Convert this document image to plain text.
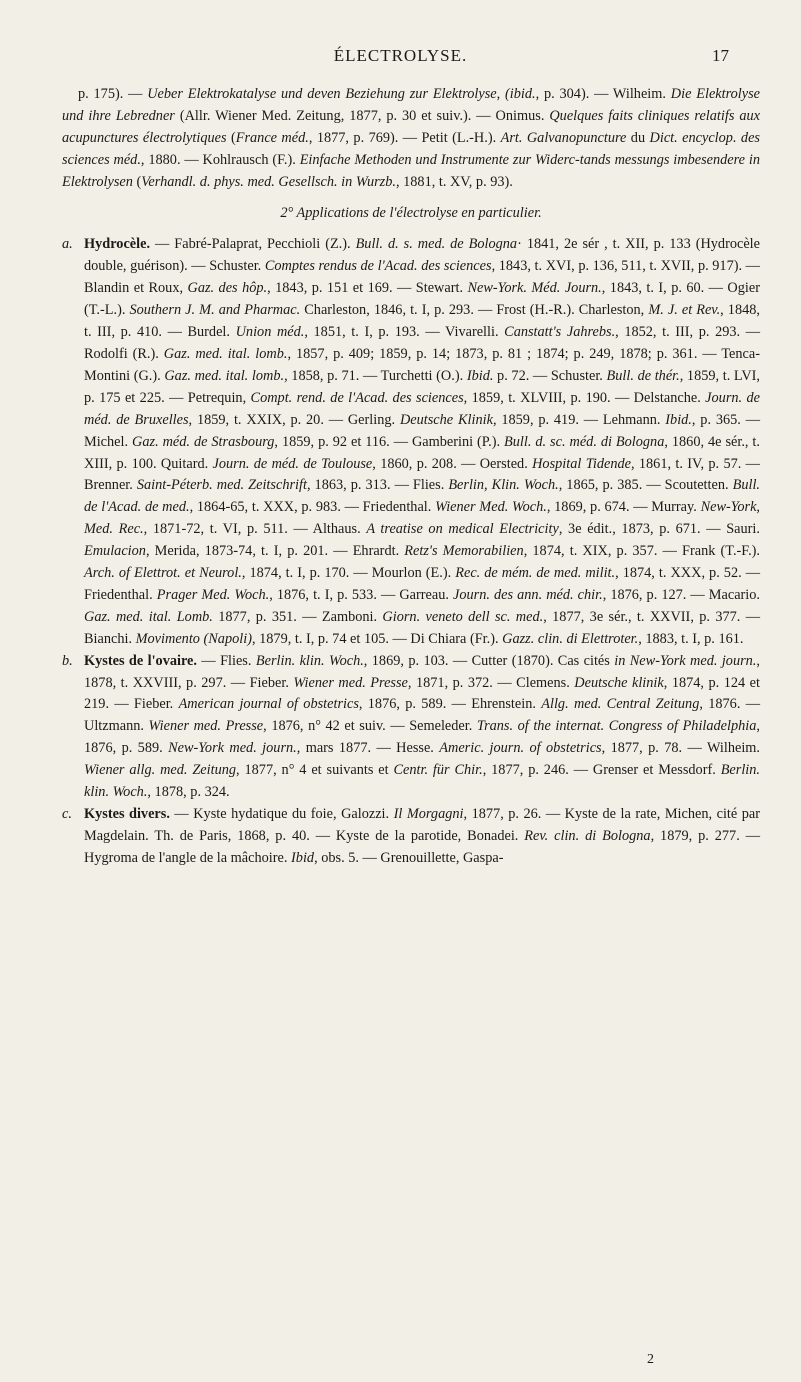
ÉLECTROLYSE.	17

p. 175). — Ueber Elektrokatalyse und deven Beziehung zur Elektrolyse, (ibid., p. 304). — Wilheim. Die Elektrolyse und ihre Lebredner (Allr. Wiener Med. Zeitung, 1877, p. 30 et suiv.). — Onimus. Quelques faits cliniques relatifs aux acupunctures électrolytiques (France méd., 1877, p. 769). — Petit (L.-H.). Art. Galvanopuncture du Dict. encyclop. des sciences méd., 1880. — Kohlrausch (F.). Einfache Methoden und Instrumente zur Widerc-tands messungs imbesendere in Elektrolysen (Verhandl. d. phys. med. Gesellsch. in Wurzb., 1881, t. XV, p. 93).

2° Applications de l'électrolyse en particulier.

a. Hydrocèle. — Fabré-Palaprat, Pecchioli (Z.). Bull. d. s. med. de Bologna· 1841, 2e sér , t. XII, p. 133 (Hydrocèle double, guérison). — Schuster. Comptes rendus de l'Acad. des sciences, 1843, t. XVI, p. 136, 511, t. XVII, p. 917). — Blandin et Roux, Gaz. des hôp., 1843, p. 151 et 169. — Stewart. New-York. Méd. Journ., 1843, t. I, p. 60. — Ogier (T.-L.). Southern J. M. and Pharmac. Charleston, 1846, t. I, p. 293. — Frost (H.-R.). Charleston, M. J. et Rev., 1848, t. III, p. 410. — Burdel. Union méd., 1851, t. I, p. 193. — Vivarelli. Canstatt's Jahrebs., 1852, t. III, p. 293. — Rodolfi (R.). Gaz. med. ital. lomb., 1857, p. 409; 1859, p. 14; 1873, p. 81 ; 1874; p. 249, 1878; p. 361. — Tenca-Montini (G.). Gaz. med. ital. lomb., 1858, p. 71. — Turchetti (O.). Ibid. p. 72. — Schuster. Bull. de thér., 1859, t. LVI, p. 175 et 225. — Petrequin, Compt. rend. de l'Acad. des sciences, 1859, t. XLVIII, p. 190. — Delstanche. Journ. de méd. de Bruxelles, 1859, t. XXIX, p. 20. — Gerling. Deutsche Klinik, 1859, p. 419. — Lehmann. Ibid., p. 365. — Michel. Gaz. méd. de Strasbourg, 1859, p. 92 et 116. — Gamberini (P.). Bull. d. sc. méd. di Bologna, 1860, 4e sér., t. XIII, p. 100. Quitard. Journ. de méd. de Toulouse, 1860, p. 208. — Oersted. Hospital Tidende, 1861, t. IV, p. 57. — Brenner. Saint-Péterb. med. Zeitschrift, 1863, p. 313. — Flies. Berlin, Klin. Woch., 1865, p. 385. — Scoutetten. Bull. de l'Acad. de med., 1864-65, t. XXX, p. 983. — Friedenthal. Wiener Med. Woch., 1869, p. 674. — Murray. New-York, Med. Rec., 1871-72, t. VI, p. 511. — Althaus. A treatise on medical Electricity, 3e édit., 1873, p. 671. — Sauri. Emulacion, Merida, 1873-74, t. I, p. 201. — Ehrardt. Retz's Memorabilien, 1874, t. XIX, p. 357. — Frank (T.-F.). Arch. of Elettrot. et Neurol., 1874, t. I, p. 170. — Mourlon (E.). Rec. de mém. de med. milit., 1874, t. XXX, p. 52. — Friedenthal. Prager Med. Woch., 1876, t. I, p. 533. — Garreau. Journ. des ann. méd. chir., 1876, p. 127. — Macario. Gaz. med. ital. Lomb. 1877, p. 351. — Zamboni. Giorn. veneto dell sc. med., 1877, 3e sér., t. XXVII, p. 377. — Bianchi. Movimento (Napoli), 1879, t. I, p. 74 et 105. — Di Chiara (Fr.). Gazz. clin. di Elettroter., 1883, t. I, p. 161.

b. Kystes de l'ovaire. — Flies. Berlin. klin. Woch., 1869, p. 103. — Cutter (1870). Cas cités in New-York med. journ., 1878, t. XXVIII, p. 297. — Fieber. Wiener med. Presse, 1871, p. 372. — Clemens. Deutsche klinik, 1874, p. 124 et 219. — Fieber. American journal of obstetrics, 1876, p. 589. — Ehrenstein. Allg. med. Central Zeitung, 1876. — Ultzmann. Wiener med. Presse, 1876, n° 42 et suiv. — Semeleder. Trans. of the internat. Congress of Philadelphia, 1876, p. 589. New-York med. journ., mars 1877. — Hesse. Americ. journ. of obstetrics, 1877, p. 78. — Wilheim. Wiener allg. med. Zeitung, 1877, n° 4 et suivants et Centr. für Chir., 1877, p. 246. — Grenser et Messdorf. Berlin. klin. Woch., 1878, p. 324.

c. Kystes divers. — Kyste hydatique du foie, Galozzi. Il Morgagni, 1877, p. 26. — Kyste de la rate, Michen, cité par Magdelain. Th. de Paris, 1868, p. 40. — Kyste de la parotide, Bonadei. Rev. clin. di Bologna, 1879, p. 277. — Hygroma de l'angle de la mâchoire. Ibid, obs. 5. — Grenouillette, Gaspa-

2
